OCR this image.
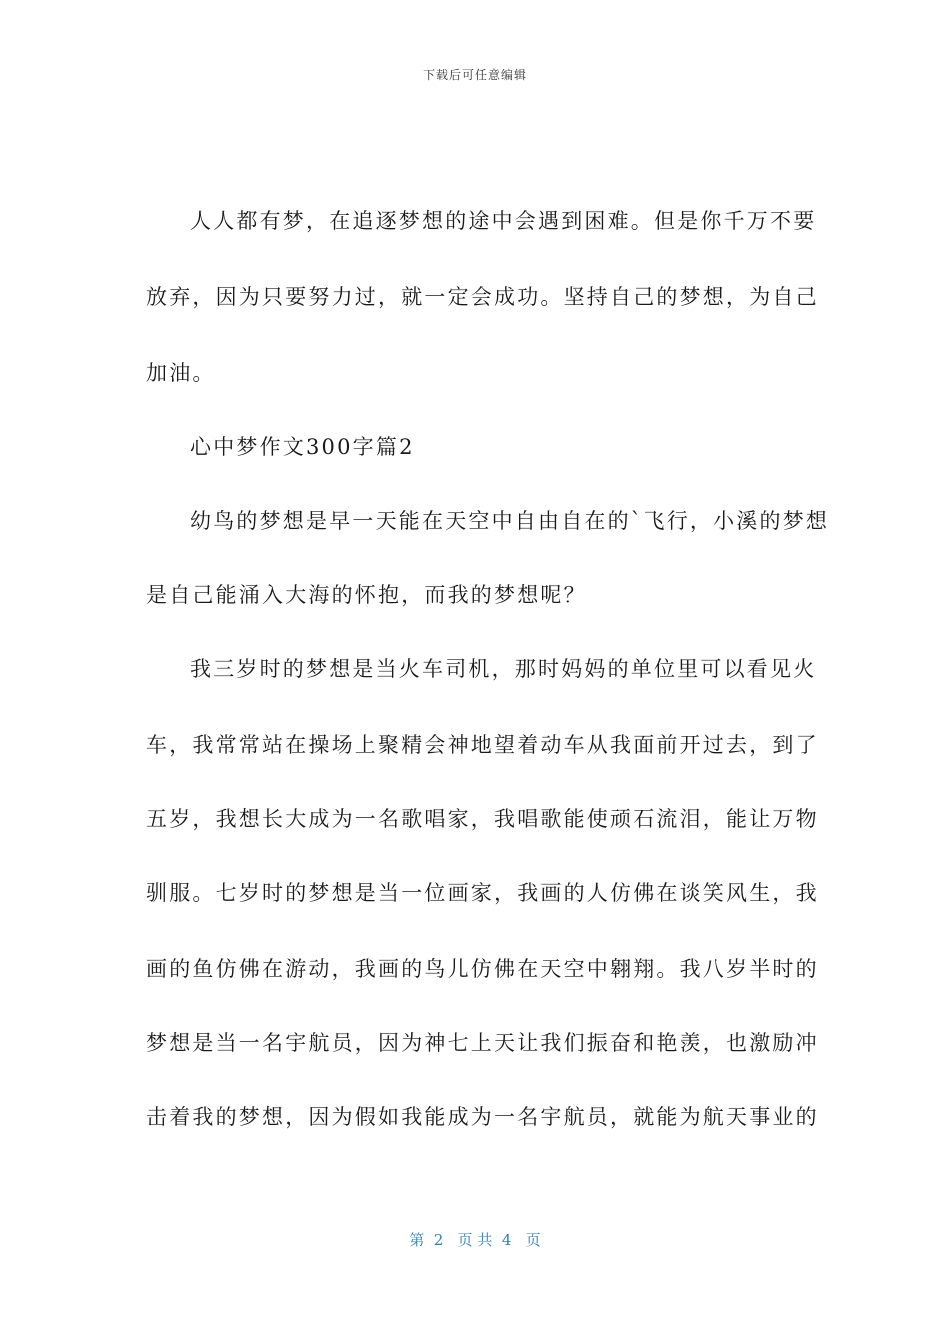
下载后可任意编辑
人人都有梦，在追逐梦想的途中会遇到困难。但是你千万不要
放弃，因为只要努力过，就一定会成功。坚持自己的梦想，为自己
加油。
心中梦作文300字篇2
幼鸟的梦想是早一天能在天空中自由自在的`飞行，小溪的梦想
是自己能涌入大海的怀抱，而我的梦想呢？
我三岁时的梦想是当火车司机，那时妈妈的单位里可以看见火
车，我常常站在操场上聚精会神地望着动车从我面前开过去，到了
五岁，我想长大成为一名歌唱家，我唱歌能使顽石流泪，能让万物
驯服。七岁时的梦想是当一位画家，我画的人仿佛在谈笑风生，我
画的鱼仿佛在游动，我画的鸟儿仿佛在天空中翱翔。我八岁半时的
梦想是当一名宇航员，因为神七上天让我们振奋和艳羡，也激励冲
击着我的梦想，因为假如我能成为一名宇航员，就能为航天事业的
第  2   页 共  4   页
